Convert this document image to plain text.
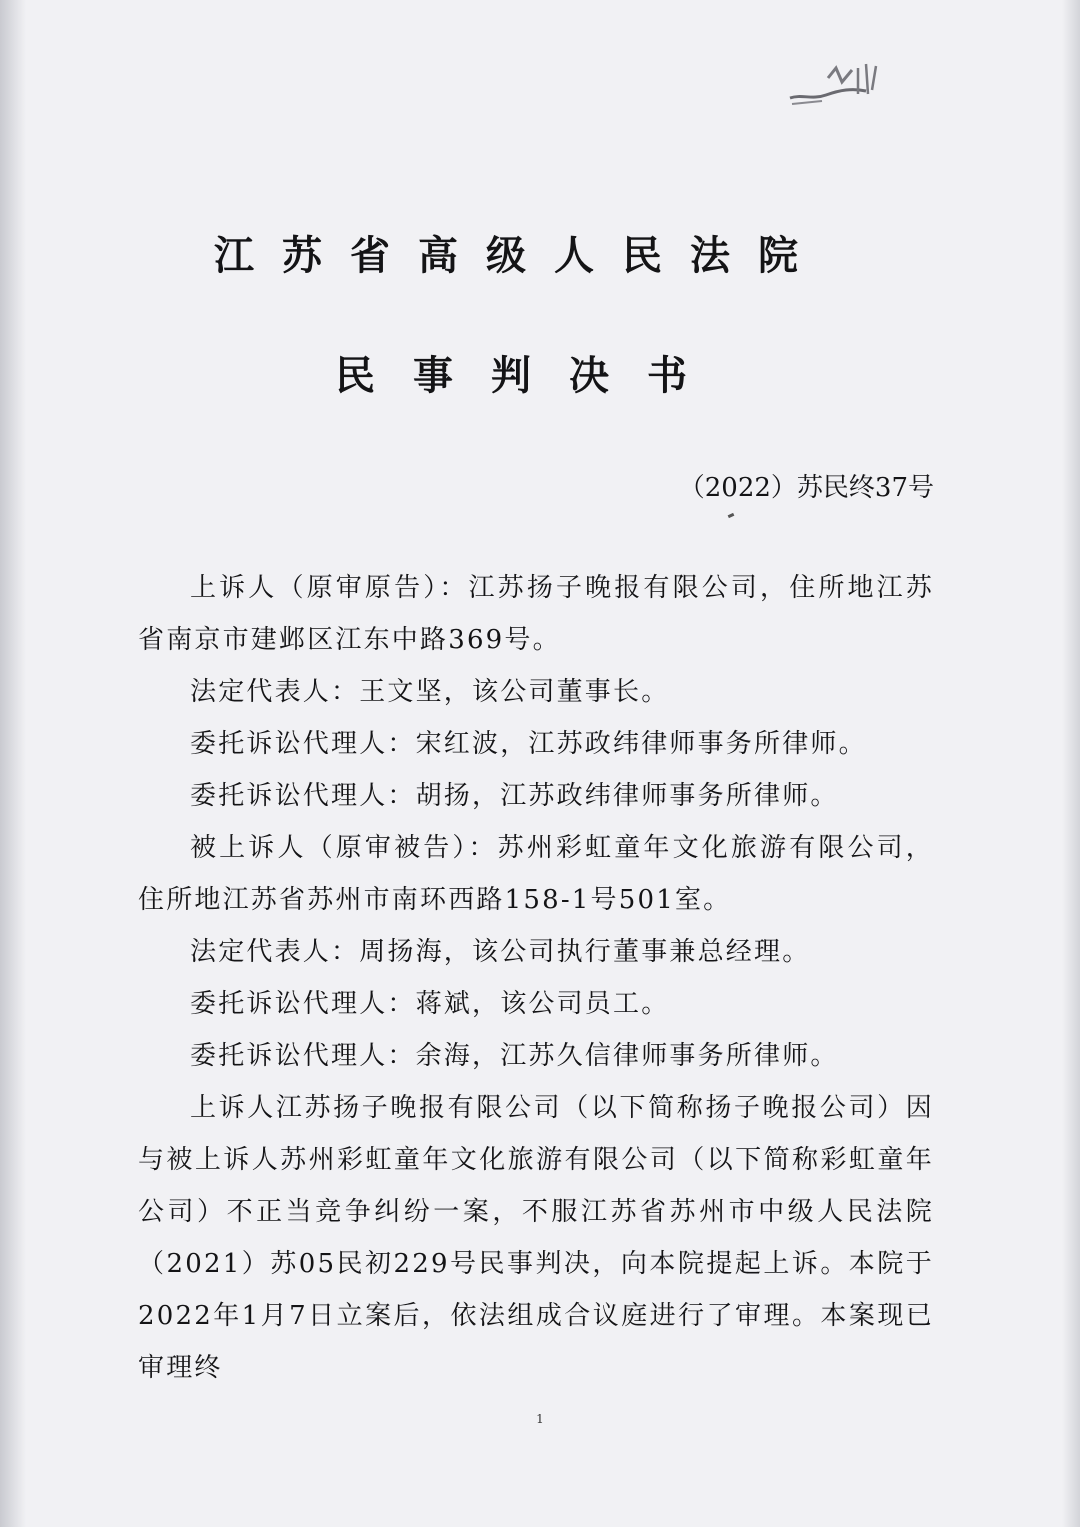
江苏省高级人民法院
民事判决书
（2022）苏民终37号

上诉人（原审原告）：江苏扬子晚报有限公司，住所地江苏省南京市建邺区江东中路369号。

法定代表人：王文坚，该公司董事长。

委托诉讼代理人：宋红波，江苏政纬律师事务所律师。

委托诉讼代理人：胡扬，江苏政纬律师事务所律师。

被上诉人（原审被告）：苏州彩虹童年文化旅游有限公司，住所地江苏省苏州市南环西路158-1号501室。

法定代表人：周扬海，该公司执行董事兼总经理。

委托诉讼代理人：蒋斌，该公司员工。

委托诉讼代理人：余海，江苏久信律师事务所律师。

上诉人江苏扬子晚报有限公司（以下简称扬子晚报公司）因与被上诉人苏州彩虹童年文化旅游有限公司（以下简称彩虹童年公司）不正当竞争纠纷一案，不服江苏省苏州市中级人民法院（2021）苏05民初229号民事判决，向本院提起上诉。本院于2022年1月7日立案后，依法组成合议庭进行了审理。本案现已审理终

1
